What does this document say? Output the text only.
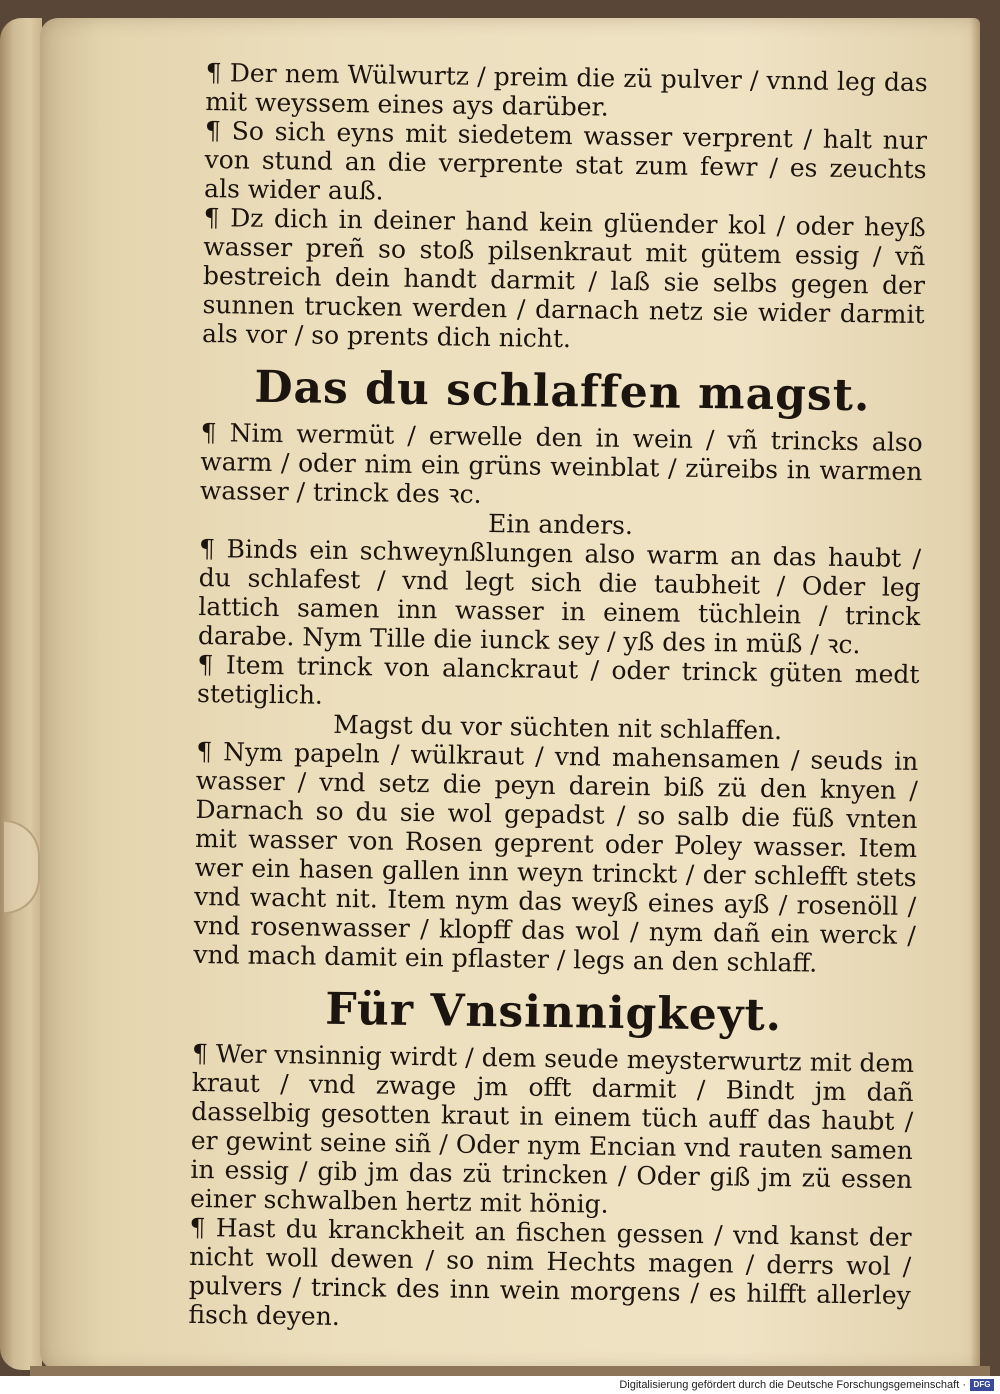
¶ Der nem Wülwurtz / preim die zü pulver / vnnd leg das mit weyssem eines ays darüber.

¶ So sich eyns mit siedetem wasser verprent / halt nur von stund an die verprente stat zum fewr / es zeuchts als wider auß.

¶ Dz dich in deiner hand kein glüender kol / oder heyß wasser preñ so stoß pilsenkraut mit gütem essig / vñ bestreich dein handt darmit / laß sie selbs gegen der sunnen trucken werden / darnach netz sie wider darmit als vor / so prents dich nicht.

Das du schlaffen magst.

¶ Nim wermüt / erwelle den in wein / vñ trincks also warm / oder nim ein grüns weinblat / züreibs in warmen wasser / trinck des ꝛc.

Ein anders.

¶ Binds ein schweynßlungen also warm an das haubt / du schlafest / vnd legt sich die taubheit / Oder leg lattich samen inn wasser in einem tüchlein / trinck darabe. Nym Tille die iunck sey / yß des in müß / ꝛc.

¶ Item trinck von alanckraut / oder trinck güten medt stetiglich.

Magst du vor süchten nit schlaffen.

¶ Nym papeln / wülkraut / vnd mahensamen / seuds in wasser / vnd setz die peyn darein biß zü den knyen / Darnach so du sie wol gepadst / so salb die füß vnten mit wasser von Rosen geprent oder Poley wasser. Item wer ein hasen gallen inn weyn trinckt / der schlefft stets vnd wacht nit. Item nym das weyß eines ayß / rosenöll / vnd rosenwasser / klopff das wol / nym dañ ein werck / vnd mach damit ein pflaster / legs an den schlaff.

Für Vnsinnigkeyt.

¶ Wer vnsinnig wirdt / dem seude meysterwurtz mit dem kraut / vnd zwage jm offt darmit / Bindt jm dañ dasselbig gesotten kraut in einem tüch auff das haubt / er gewint seine siñ / Oder nym Encian vnd rauten samen in essig / gib jm das zü trincken / Oder giß jm zü essen einer schwalben hertz mit hönig.

¶ Hast du kranckheit an fischen gessen / vnd kanst der nicht woll dewen / so nim Hechts magen / derrs wol / pulvers / trinck des inn wein morgens / es hilfft allerley fisch deyen.

Digitalisierung gefördert durch die Deutsche Forschungsgemeinschaft · DFG
